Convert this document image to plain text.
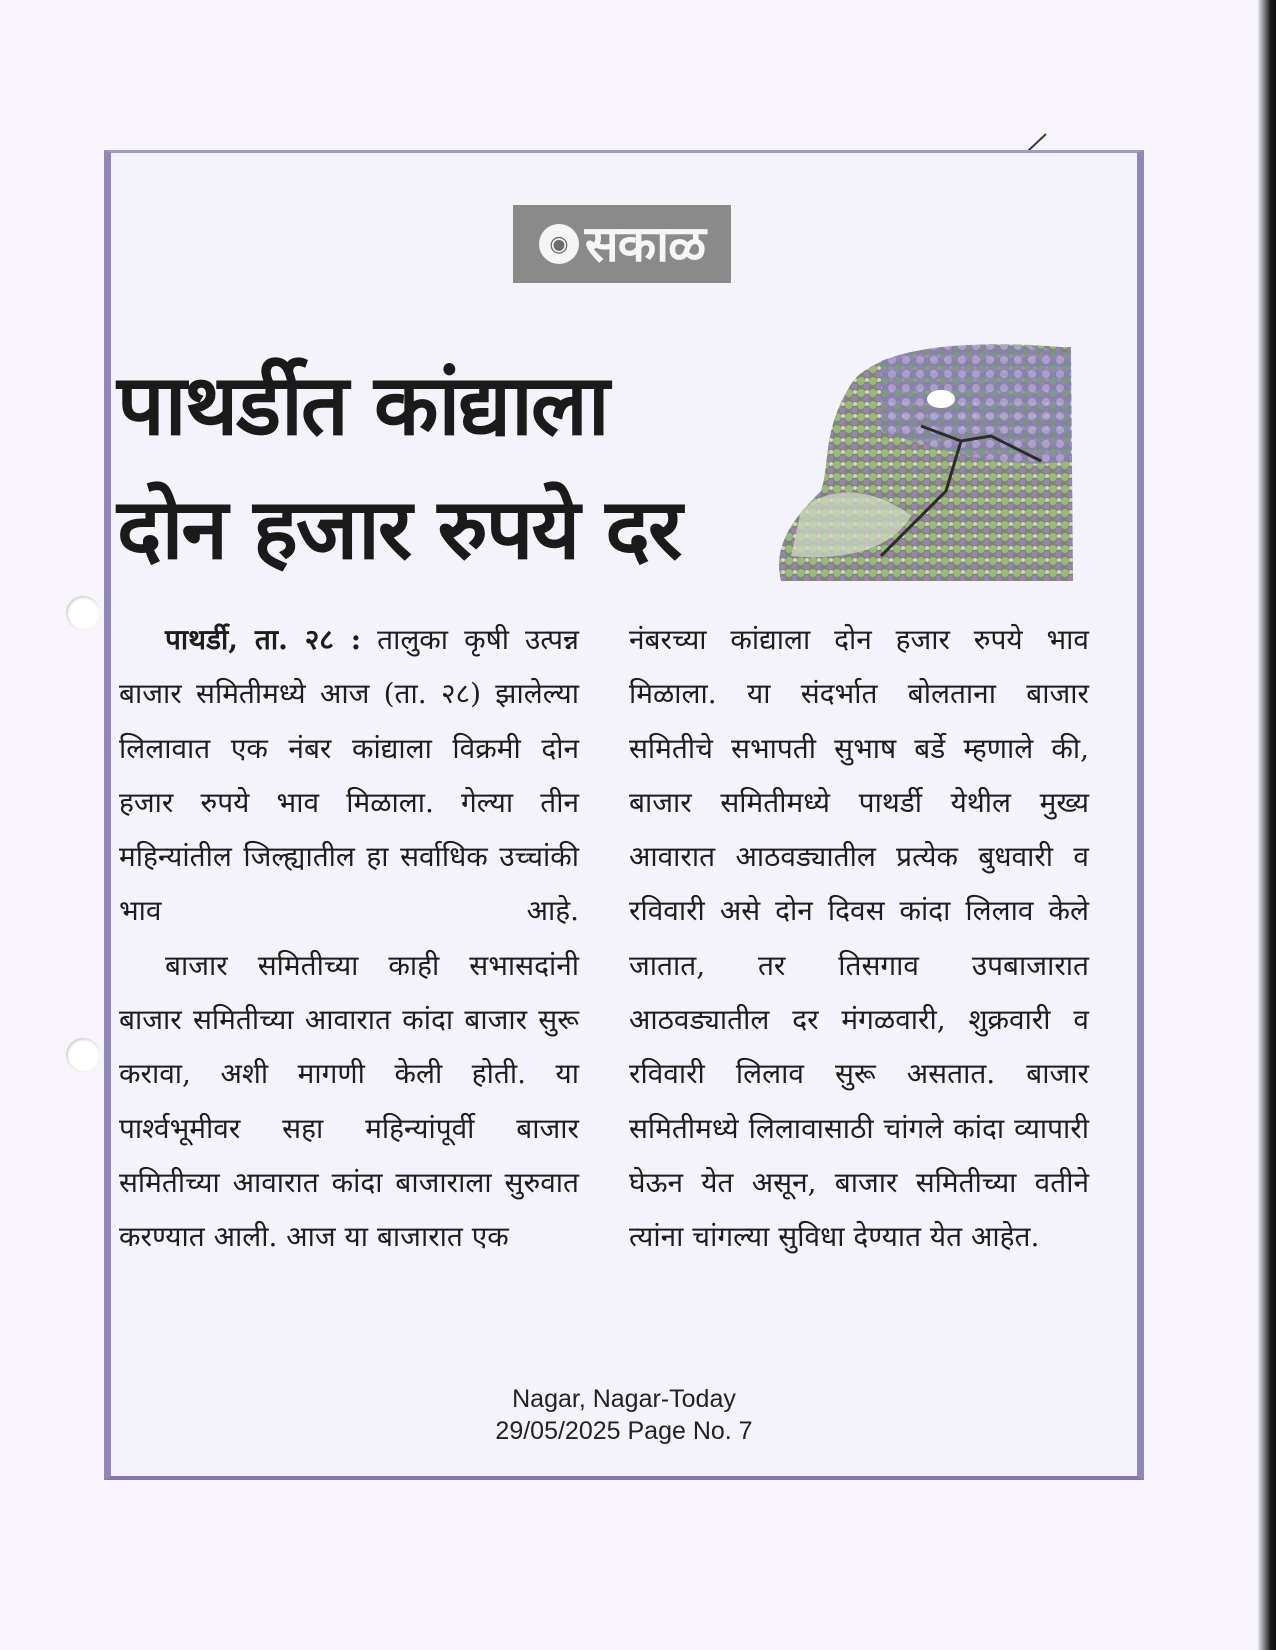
◉ सकाळ
पाथर्डीत कांद्याला
दोन हजार रुपये दर

पाथर्डी, ता. २८ : तालुका कृषी उत्पन्न बाजार समितीमध्ये आज (ता. २८) झालेल्या लिलावात एक नंबर कांद्याला विक्रमी दोन हजार रुपये भाव मिळाला. गेल्या तीन महिन्यांतील जिल्ह्यातील हा सर्वाधिक उच्चांकी भाव आहे.

बाजार समितीच्या काही सभासदांनी बाजार समितीच्या आवारात कांदा बाजार सुरू करावा, अशी मागणी केली होती. या पार्श्वभूमीवर सहा महिन्यांपूर्वी बाजार समितीच्या आवारात कांदा बाजाराला सुरुवात करण्यात आली. आज या बाजारात एक

नंबरच्या कांद्याला दोन हजार रुपये भाव मिळाला. या संदर्भात बोलताना बाजार समितीचे सभापती सुभाष बर्डे म्हणाले की, बाजार समितीमध्ये पाथर्डी येथील मुख्य आवारात आठवड्यातील प्रत्येक बुधवारी व रविवारी असे दोन दिवस कांदा लिलाव केले जातात, तर तिसगाव उपबाजारात आठवड्यातील दर मंगळवारी, शुक्रवारी व रविवारी लिलाव सुरू असतात. बाजार समितीमध्ये लिलावासाठी चांगले कांदा व्यापारी घेऊन येत असून, बाजार समितीच्या वतीने त्यांना चांगल्या सुविधा देण्यात येत आहेत.

Nagar, Nagar-Today
29/05/2025 Page No. 7
